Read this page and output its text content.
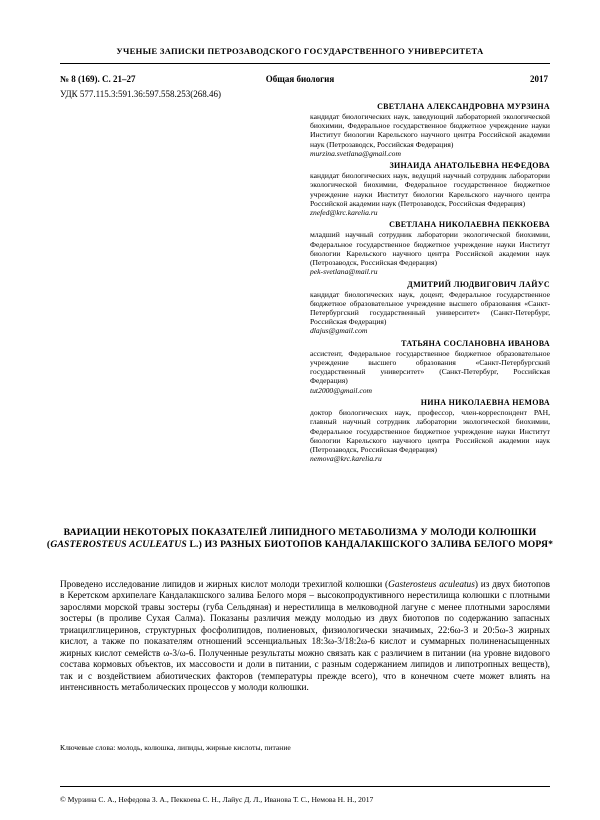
УЧЕНЫЕ ЗАПИСКИ ПЕТРОЗАВОДСКОГО ГОСУДАРСТВЕННОГО УНИВЕРСИТЕТА
№ 8 (169). С. 21–27	Общая биология	2017
УДК 577.115.3:591.36:597.558.253(268.46)
СВЕТЛАНА АЛЕКСАНДРОВНА МУРЗИНА
кандидат биологических наук, заведующий лабораторией экологической биохимии, Федеральное государственное бюджетное учреждение науки Институт биологии Карельского научного центра Российской академии наук (Петрозаводск, Российская Федерация)
murzina.svetlana@gmail.com
ЗИНАИДА АНАТОЛЬЕВНА НЕФЕДОВА
кандидат биологических наук, ведущий научный сотрудник лаборатории экологической биохимии, Федеральное государственное бюджетное учреждение науки Институт биологии Карельского научного центра Российской академии наук (Петрозаводск, Российская Федерация)
znefed@krc.karelia.ru
СВЕТЛАНА НИКОЛАЕВНА ПЕККОЕВА
младший научный сотрудник лаборатории экологической биохимии, Федеральное государственное бюджетное учреждение науки Институт биологии Карельского научного центра Российской академии наук (Петрозаводск, Российская Федерация)
pek-svetlana@mail.ru
ДМИТРИЙ ЛЮДВИГОВИЧ ЛАЙУС
кандидат биологических наук, доцент, Федеральное государственное бюджетное образовательное учреждение высшего образования «Санкт-Петербургский государственный университет» (Санкт-Петербург, Российская Федерация)
dlajus@gmail.com
ТАТЬЯНА СОСЛАНОВНА ИВАНОВА
ассистент, Федеральное государственное бюджетное образовательное учреждение высшего образования «Санкт-Петербургский государственный университет» (Санкт-Петербург, Российская Федерация)
tut2000@gmail.com
НИНА НИКОЛАЕВНА НЕМОВА
доктор биологических наук, профессор, член-корреспондент РАН, главный научный сотрудник лаборатории экологической биохимии, Федеральное государственное бюджетное учреждение науки Институт биологии Карельского научного центра Российской академии наук (Петрозаводск, Российская Федерация)
nemova@krc.karelia.ru
ВАРИАЦИИ НЕКОТОРЫХ ПОКАЗАТЕЛЕЙ ЛИПИДНОГО МЕТАБОЛИЗМА У МОЛОДИ КОЛЮШКИ (GASTEROSTEUS ACULEATUS L.) ИЗ РАЗНЫХ БИОТОПОВ КАНДАЛАКШСКОГО ЗАЛИВА БЕЛОГО МОРЯ*
Проведено исследование липидов и жирных кислот молоди трехиглой колюшки (Gasterosteus aculeatus) из двух биотопов в Керетском архипелаге Кандалакшского залива Белого моря – высокопродуктивного нерестилища колюшки с плотными зарослями морской травы зостеры (губа Сельдяная) и нерестилища в мелководной лагуне с менее плотными зарослями зостеры (в проливе Сухая Салма). Показаны различия между молодью из двух биотопов по содержанию запасных триацилглицеринов, структурных фосфолипидов, полиеновых, физиологически значимых, 22:6ω-3 и 20:5ω-3 жирных кислот, а также по показателям отношений эссенциальных 18:3ω-3/18:2ω-6 кислот и суммарных полиненасыщенных жирных кислот семейств ω-3/ω-6. Полученные результаты можно связать как с различием в питании (на уровне видового состава кормовых объектов, их массовости и доли в питании, с разным содержанием липидов и липотропных веществ), так и с воздействием абиотических факторов (температуры прежде всего), что в конечном счете может влиять на интенсивность метаболических процессов у молоди колюшки.
Ключевые слова: молодь, колюшка, липиды, жирные кислоты, питание
© Мурзина С. А., Нефедова З. А., Пеккоева С. Н., Лайус Д. Л., Иванова Т. С., Немова Н. Н., 2017
